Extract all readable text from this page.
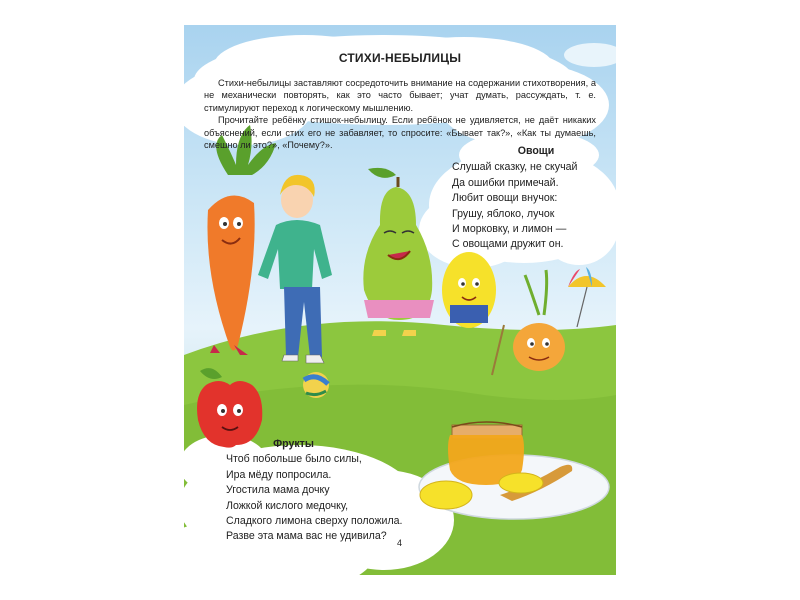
СТИХИ-НЕБЫЛИЦЫ

Стихи-небылицы заставляют сосредоточить внимание на содержании стихотворения, а не механически повторять, как это часто бывает; учат думать, рассуждать, т. е. стимулируют переход к логическому мышлению.

Прочитайте ребёнку стишок-небылицу. Если ребёнок не удивляется, не даёт никаких объяснений, если стих его не забавляет, то спросите: «Бывает так?», «Как ты думаешь, смешно ли это?», «Почему?».	Овощи
Слушай сказку, не скучай
Да ошибки примечай.
Любит овощи внучок:
Грушу, яблоко, лучок
И морковку, и лимон —
С овощами дружит он.
Фрукты
Чтоб побольше было силы,
Ира мёду попросила.
Угостила мама дочку
Ложкой кислого медочку,
Сладкого лимона сверху положила.
Разве эта мама вас не удивила?
4
